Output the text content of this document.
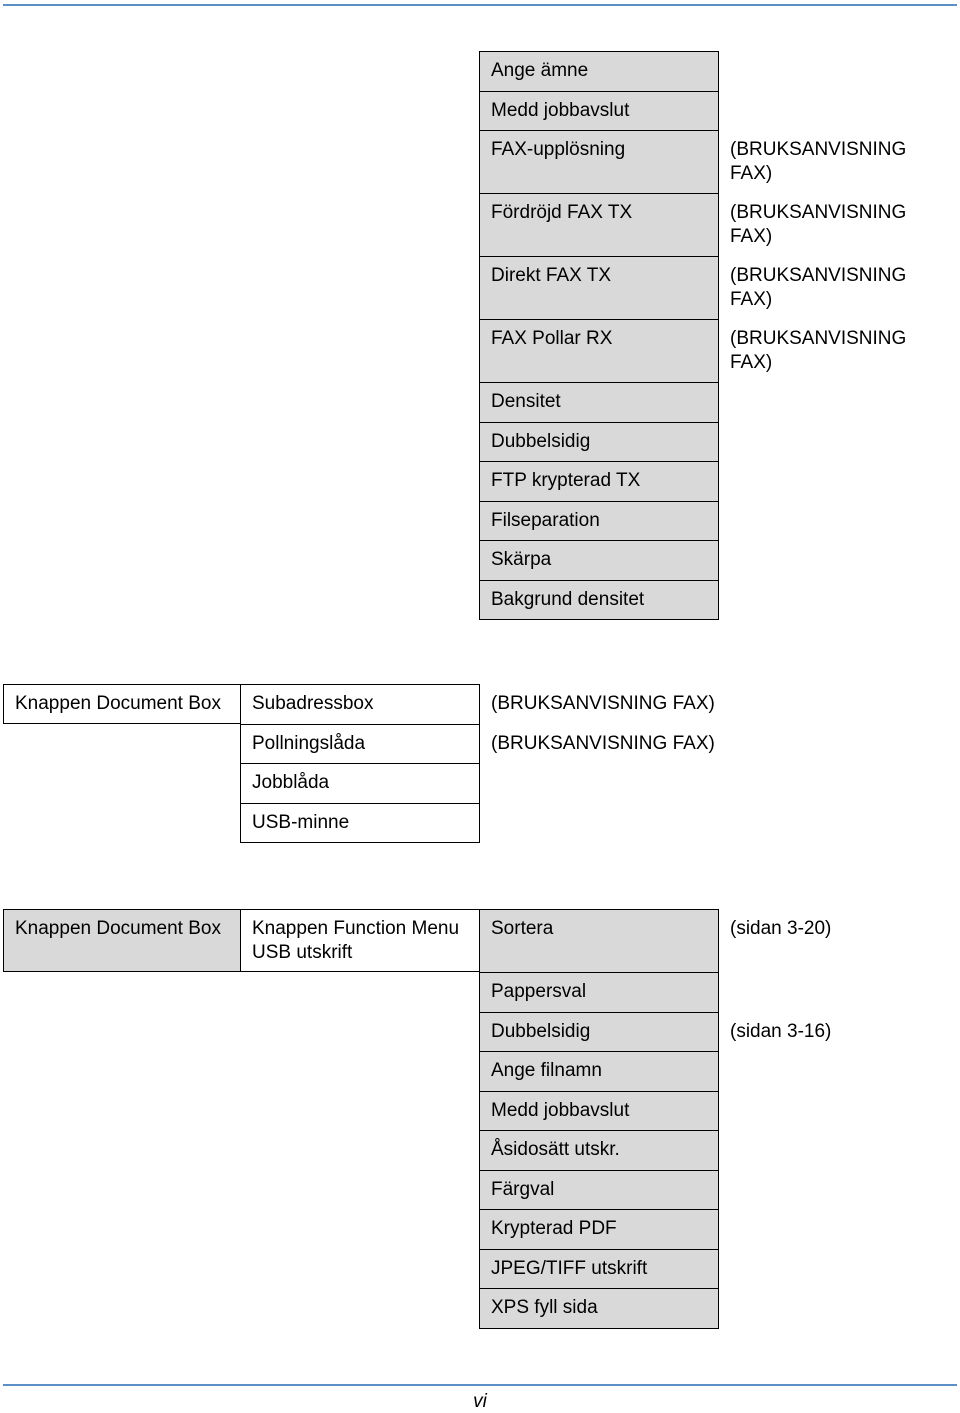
Ange ämne
Medd jobbavslut
FAX-upplösning	(BRUKSANVISNING
FAX)
Fördröjd FAX TX	(BRUKSANVISNING
FAX)
Direkt FAX TX	(BRUKSANVISNING
FAX)
FAX Pollar RX	(BRUKSANVISNING
FAX)
Densitet
Dubbelsidig
FTP krypterad TX
Filseparation
Skärpa
Bakgrund densitet
Knappen Document Box	Subadressbox	(BRUKSANVISNING FAX)
Pollningslåda	(BRUKSANVISNING FAX)
Jobblåda
USB-minne
Knappen Document Box	Knappen Function Menu
USB utskrift
Sortera	(sidan 3-20)
Pappersval
Dubbelsidig	(sidan 3-16)
Ange filnamn
Medd jobbavslut
Åsidosätt utskr.
Färgval
Krypterad PDF
JPEG/TIFF utskrift
XPS fyll sida
vi
